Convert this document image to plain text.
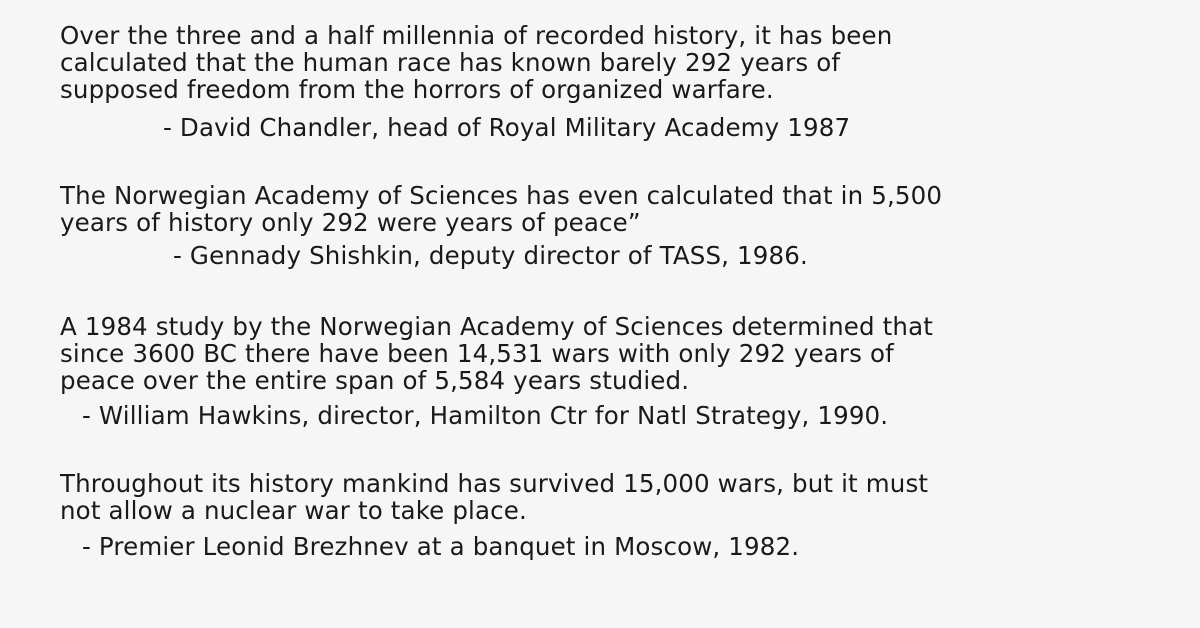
Over the three and a half millennia of recorded history, it has been
calculated that the human race has known barely 292 years of
supposed freedom from the horrors of organized warfare.
- David Chandler, head of Royal Military Academy 1987
The Norwegian Academy of Sciences has even calculated that in 5,500
years of history only 292 were years of peace”
- Gennady Shishkin, deputy director of TASS, 1986.
A 1984 study by the Norwegian Academy of Sciences determined that
since 3600 BC there have been 14,531 wars with only 292 years of
peace over the entire span of 5,584 years studied.
- William Hawkins, director, Hamilton Ctr for Natl Strategy, 1990.
Throughout its history mankind has survived 15,000 wars, but it must
not allow a nuclear war to take place.
- Premier Leonid Brezhnev at a banquet in Moscow, 1982.
